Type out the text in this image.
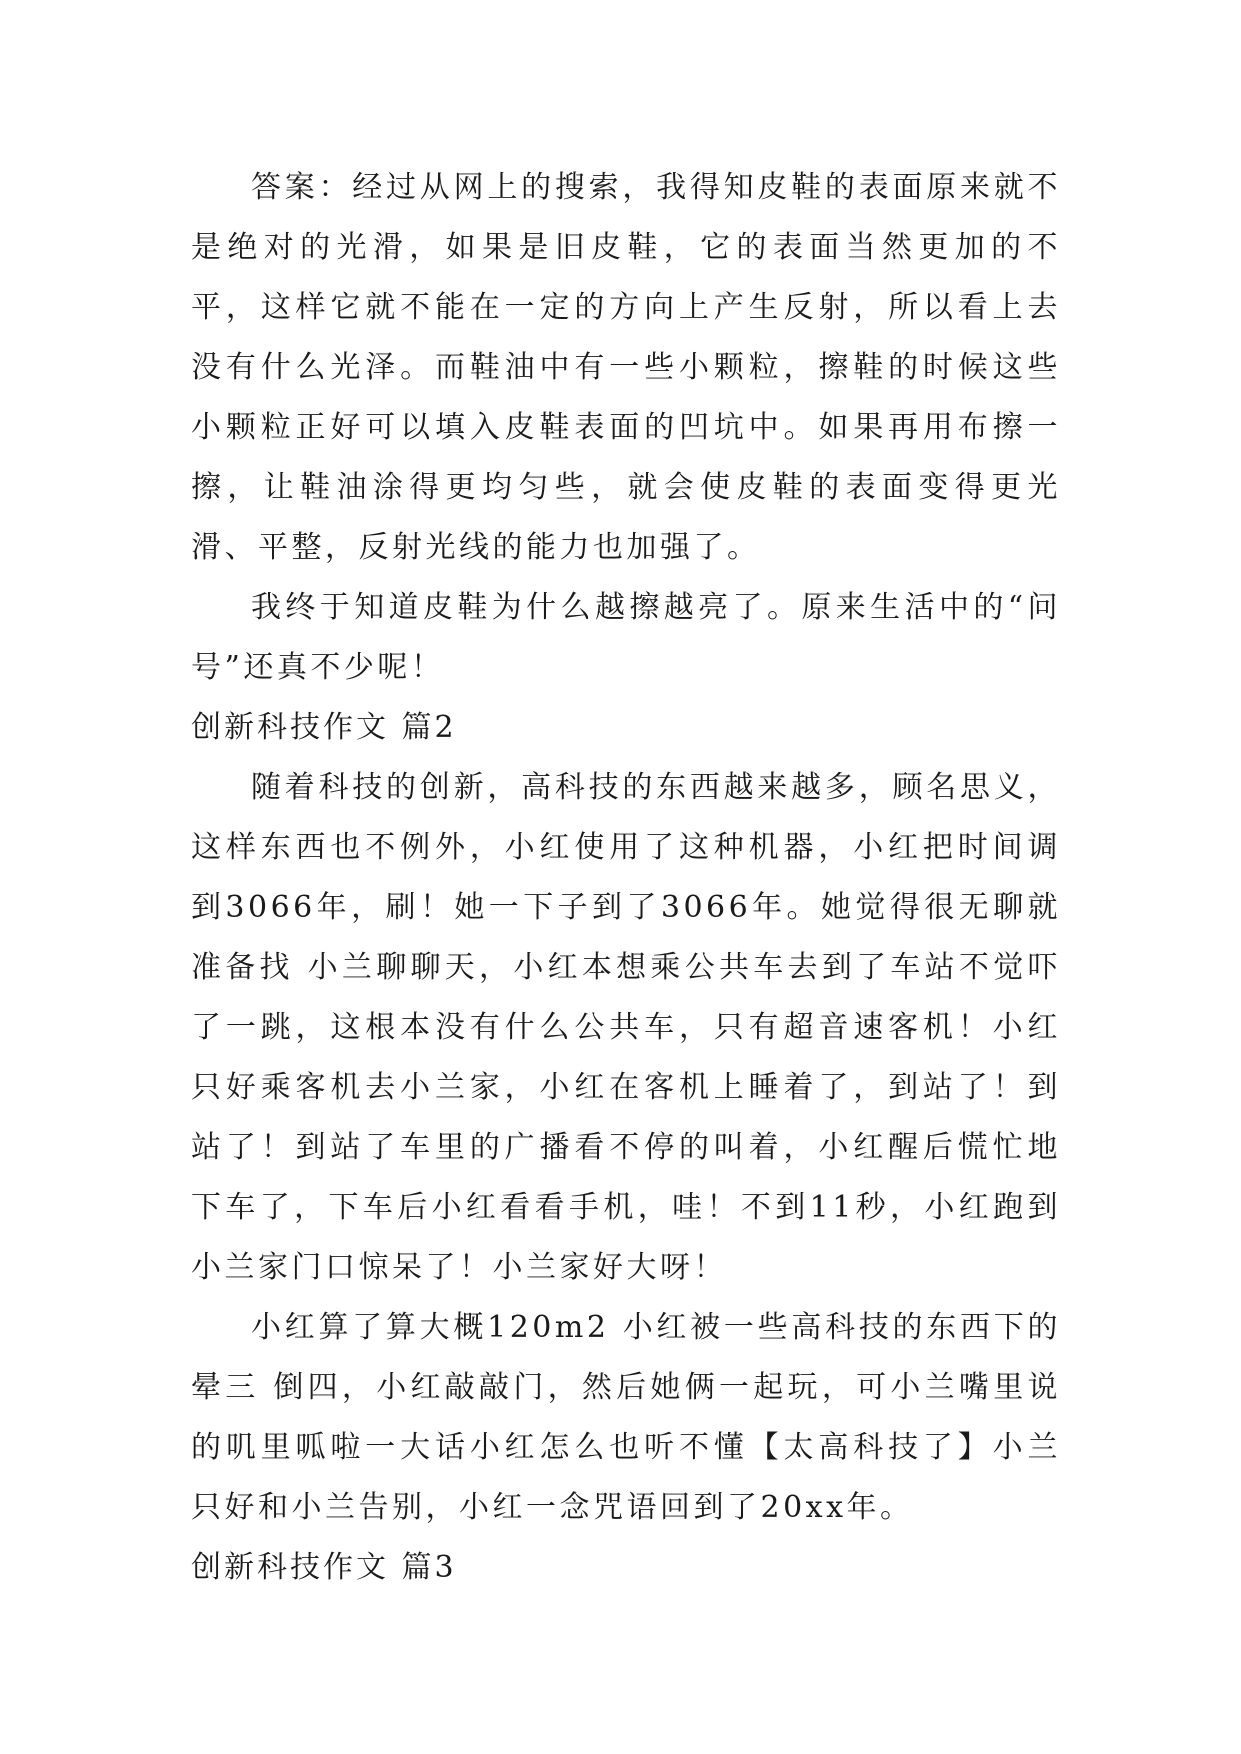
答案：经过从网上的搜索，我得知皮鞋的表面原来就不是绝对的光滑，如果是旧皮鞋，它的表面当然更加的不平，这样它就不能在一定的方向上产生反射，所以看上去没有什么光泽。而鞋油中有一些小颗粒，擦鞋的时候这些小颗粒正好可以填入皮鞋表面的凹坑中。如果再用布擦一擦，让鞋油涂得更均匀些，就会使皮鞋的表面变得更光滑、平整，反射光线的能力也加强了。

我终于知道皮鞋为什么越擦越亮了。原来生活中的“问号”还真不少呢！

创新科技作文 篇2

随着科技的创新，高科技的东西越来越多，顾名思义，这样东西也不例外，小红使用了这种机器，小红把时间调到3066年，刷！她一下子到了3066年。她觉得很无聊就准备找 小兰聊聊天，小红本想乘公共车去到了车站不觉吓了一跳，这根本没有什么公共车，只有超音速客机！小红只好乘客机去小兰家，小红在客机上睡着了，到站了！到站了！到站了车里的广播看不停的叫着，小红醒后慌忙地下车了，下车后小红看看手机，哇！不到11秒，小红跑到小兰家门口惊呆了！小兰家好大呀！

小红算了算大概120m2 小红被一些高科技的东西下的晕三 倒四，小红敲敲门，然后她俩一起玩，可小兰嘴里说的叽里呱啦一大话小红怎么也听不懂【太高科技了】小兰只好和小兰告别，小红一念咒语回到了20xx年。

创新科技作文 篇3
